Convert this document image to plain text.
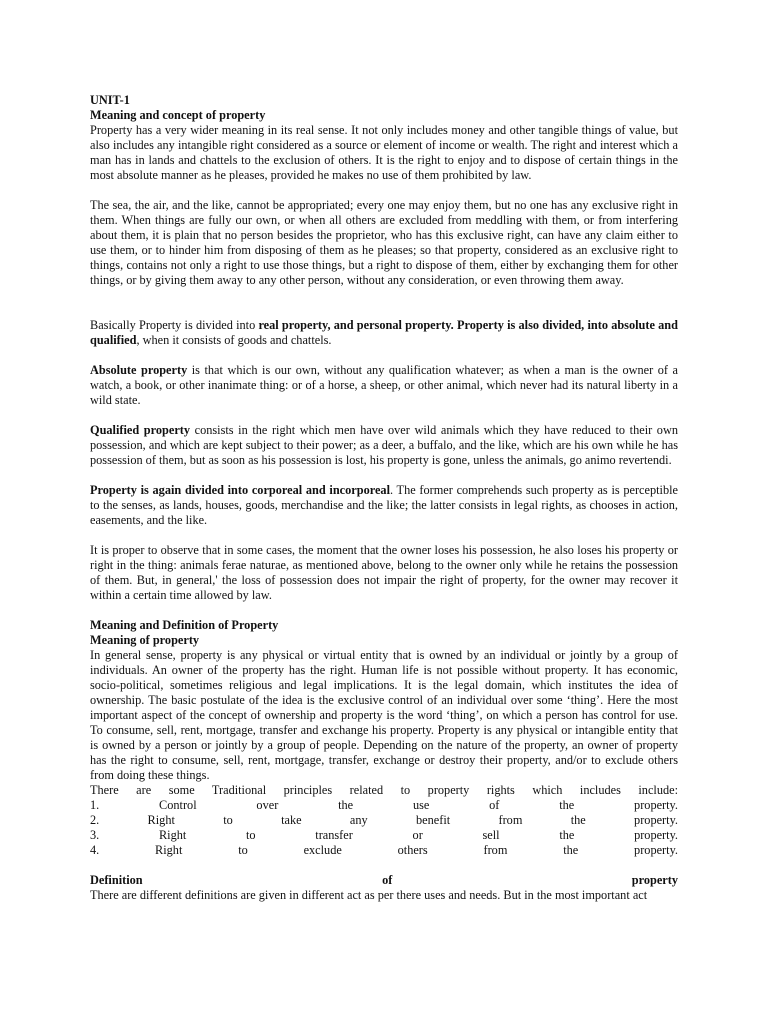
UNIT-1

Meaning and concept of property

Property has a very wider meaning in its real sense. It not only includes money and other tangible things of value, but also includes any intangible right considered as a source or element of income or wealth. The right and interest which a man has in lands and chattels to the exclusion of others. It is the right to enjoy and to dispose of certain things in the most absolute manner as he pleases, provided he makes no use of them prohibited by law.

The sea, the air, and the like, cannot be appropriated; every one may enjoy them, but no one has any exclusive right in them. When things are fully our own, or when all others are excluded from meddling with them, or from interfering about them, it is plain that no person besides the proprietor, who has this exclusive right, can have any claim either to use them, or to hinder him from disposing of them as he pleases; so that property, considered as an exclusive right to things, contains not only a right to use those things, but a right to dispose of them, either by exchanging them for other things, or by giving them away to any other person, without any consideration, or even throwing them away.

Basically Property is divided into real property, and personal property. Property is also divided, into absolute and qualified, when it consists of goods and chattels.

Absolute property is that which is our own, without any qualification whatever; as when a man is the owner of a watch, a book, or other inanimate thing: or of a horse, a sheep, or other animal, which never had its natural liberty in a wild state.

Qualified property consists in the right which men have over wild animals which they have reduced to their own possession, and which are kept subject to their power; as a deer, a buffalo, and the like, which are his own while he has possession of them, but as soon as his possession is lost, his property is gone, unless the animals, go animo revertendi.

Property is again divided into corporeal and incorporeal. The former comprehends such property as is perceptible to the senses, as lands, houses, goods, merchandise and the like; the latter consists in legal rights, as chooses in action, easements, and the like.

It is proper to observe that in some cases, the moment that the owner loses his possession, he also loses his property or right in the thing: animals ferae naturae, as mentioned above, belong to the owner only while he retains the possession of them. But, in general,' the loss of possession does not impair the right of property, for the owner may recover it within a certain time allowed by law.

Meaning and Definition of Property

Meaning of property

In general sense, property is any physical or virtual entity that is owned by an individual or jointly by a group of individuals. An owner of the property has the right. Human life is not possible without property. It has economic, socio-political, sometimes religious and legal implications. It is the legal domain, which institutes the idea of ownership. The basic postulate of the idea is the exclusive control of an individual over some ‘thing’. Here the most important aspect of the concept of ownership and property is the word ‘thing’, on which a person has control for use. To consume, sell, rent, mortgage, transfer and exchange his property. Property is any physical or intangible entity that is owned by a person or jointly by a group of people. Depending on the nature of the property, an owner of property has the right to consume, sell, rent, mortgage, transfer, exchange or destroy their property, and/or to exclude others from doing these things.

There are some Traditional principles related to property rights which includes include:

1. Control over the use of the property.

2. Right to take any benefit from the property.

3. Right to transfer or sell the property.

4. Right to exclude others from the property.

Definition of property

There are different definitions are given in different act as per there uses and needs. But in the most important act
